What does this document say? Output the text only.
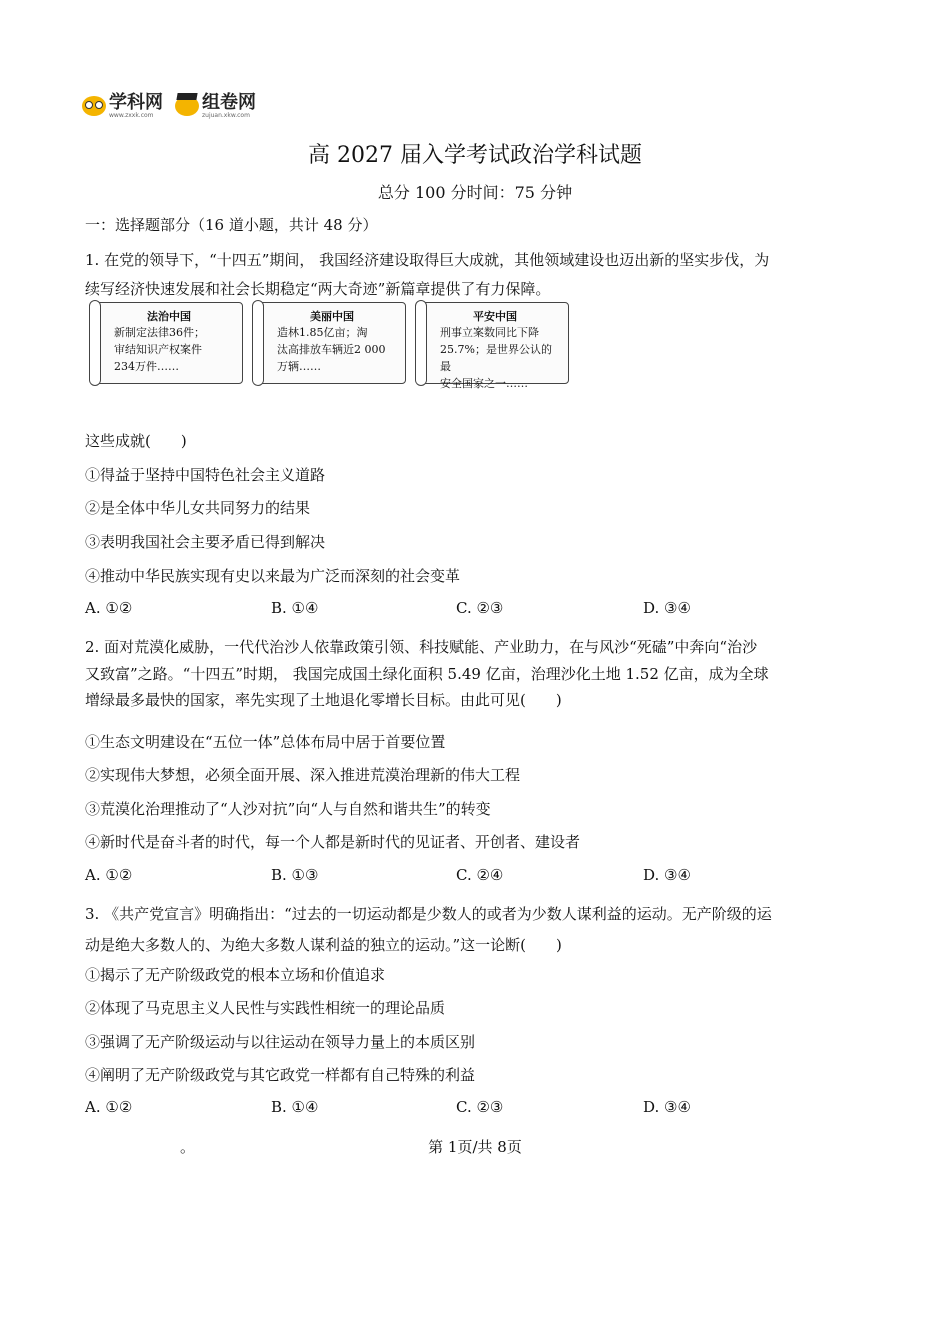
学科网
www.zxxk.com
组卷网
zujuan.xkw.com
高 2027 届入学考试政治学科试题
总分 100 分时间：75 分钟
一：选择题部分（16 道小题，共计 48 分）
1. 在党的领导下，“十四五”期间， 我国经济建设取得巨大成就，其他领域建设也迈出新的坚实步伐，为
续写经济快速发展和社会长期稳定“两大奇迹”新篇章提供了有力保障。
法治中国
新制定法律36件；
审结知识产权案件
234万件……
美丽中国
造林1.85亿亩；淘
汰高排放车辆近2 000
万辆……
平安中国
刑事立案数同比下降
25.7%；是世界公认的最
安全国家之一……
这些成就(　　)
①得益于坚持中国特色社会主义道路
②是全体中华儿女共同努力的结果
③表明我国社会主要矛盾已得到解决
④推动中华民族实现有史以来最为广泛而深刻的社会变革
A. ①②	B. ①④	C. ②③	D. ③④
2. 面对荒漠化威胁，一代代治沙人依靠政策引领、科技赋能、产业助力，在与风沙“死磕”中奔向“治沙
又致富”之路。“十四五”时期， 我国完成国土绿化面积 5.49 亿亩，治理沙化土地 1.52 亿亩，成为全球
增绿最多最快的国家，率先实现了土地退化零增长目标。由此可见(　　)
①生态文明建设在“五位一体”总体布局中居于首要位置
②实现伟大梦想，必须全面开展、深入推进荒漠治理新的伟大工程
③荒漠化治理推动了“人沙对抗”向“人与自然和谐共生”的转变
④新时代是奋斗者的时代，每一个人都是新时代的见证者、开创者、建设者
A. ①②	B. ①③	C. ②④	D. ③④
3. 《共产党宣言》明确指出：“过去的一切运动都是少数人的或者为少数人谋利益的运动。无产阶级的运
动是绝大多数人的、为绝大多数人谋利益的独立的运动。”这一论断(　　)
①揭示了无产阶级政党的根本立场和价值追求
②体现了马克思主义人民性与实践性相统一的理论品质
③强调了无产阶级运动与以往运动在领导力量上的本质区别
④阐明了无产阶级政党与其它政党一样都有自己特殊的利益
A. ①②	B. ①④	C. ②③	D. ③④
。	第 1页/共 8页
